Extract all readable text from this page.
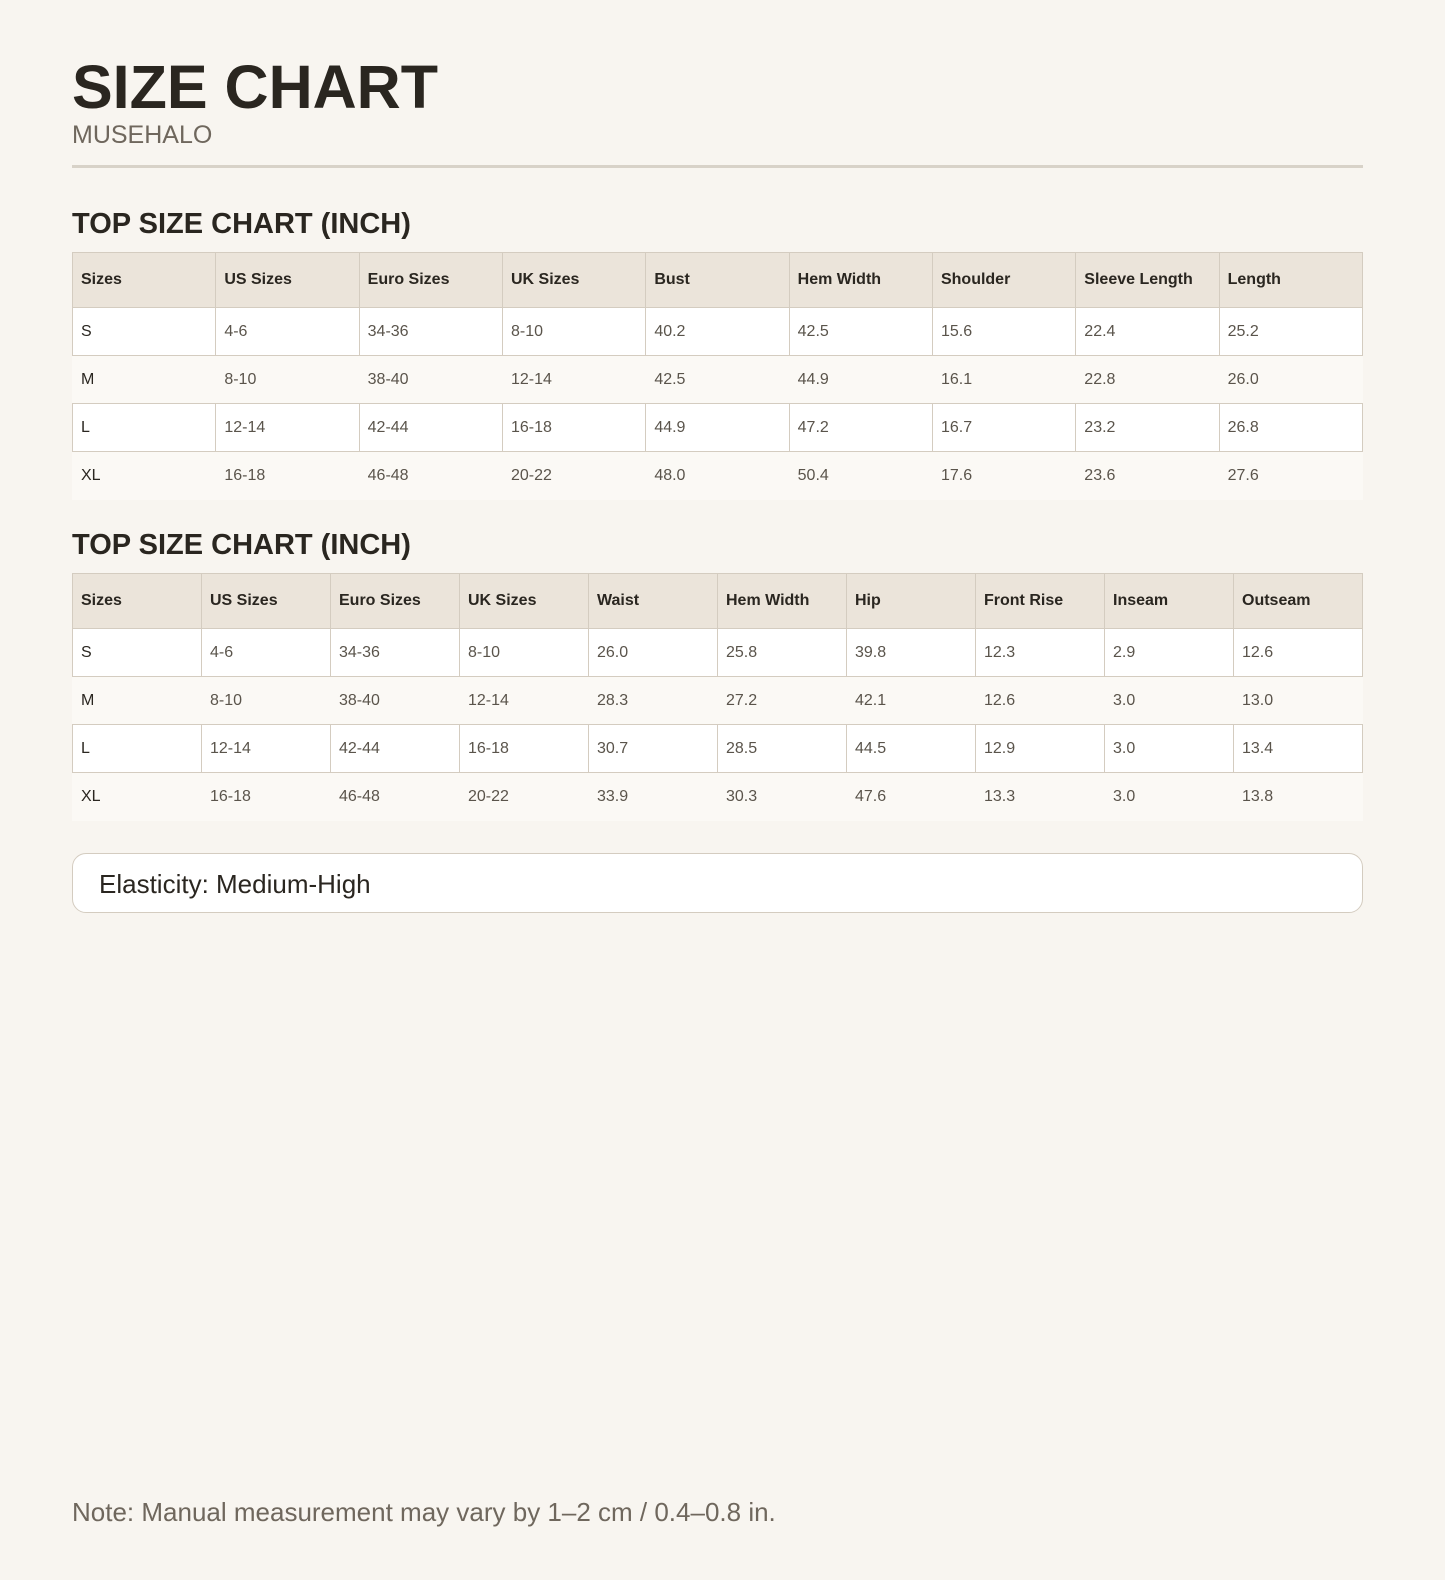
SIZE CHART
MUSEHALO
TOP SIZE CHART (INCH)
Sizes	US Sizes	Euro Sizes	UK Sizes	Bust	Hem Width	Shoulder	Sleeve Length	Length
S	4-6	34-36	8-10	40.2	42.5	15.6	22.4	25.2
M	8-10	38-40	12-14	42.5	44.9	16.1	22.8	26.0
L	12-14	42-44	16-18	44.9	47.2	16.7	23.2	26.8
XL	16-18	46-48	20-22	48.0	50.4	17.6	23.6	27.6
TOP SIZE CHART (INCH)
Sizes	US Sizes	Euro Sizes	UK Sizes	Waist	Hem Width	Hip	Front Rise	Inseam	Outseam
S	4-6	34-36	8-10	26.0	25.8	39.8	12.3	2.9	12.6
M	8-10	38-40	12-14	28.3	27.2	42.1	12.6	3.0	13.0
L	12-14	42-44	16-18	30.7	28.5	44.5	12.9	3.0	13.4
XL	16-18	46-48	20-22	33.9	30.3	47.6	13.3	3.0	13.8
Elasticity: Medium-High
Note: Manual measurement may vary by 1–2 cm / 0.4–0.8 in.
